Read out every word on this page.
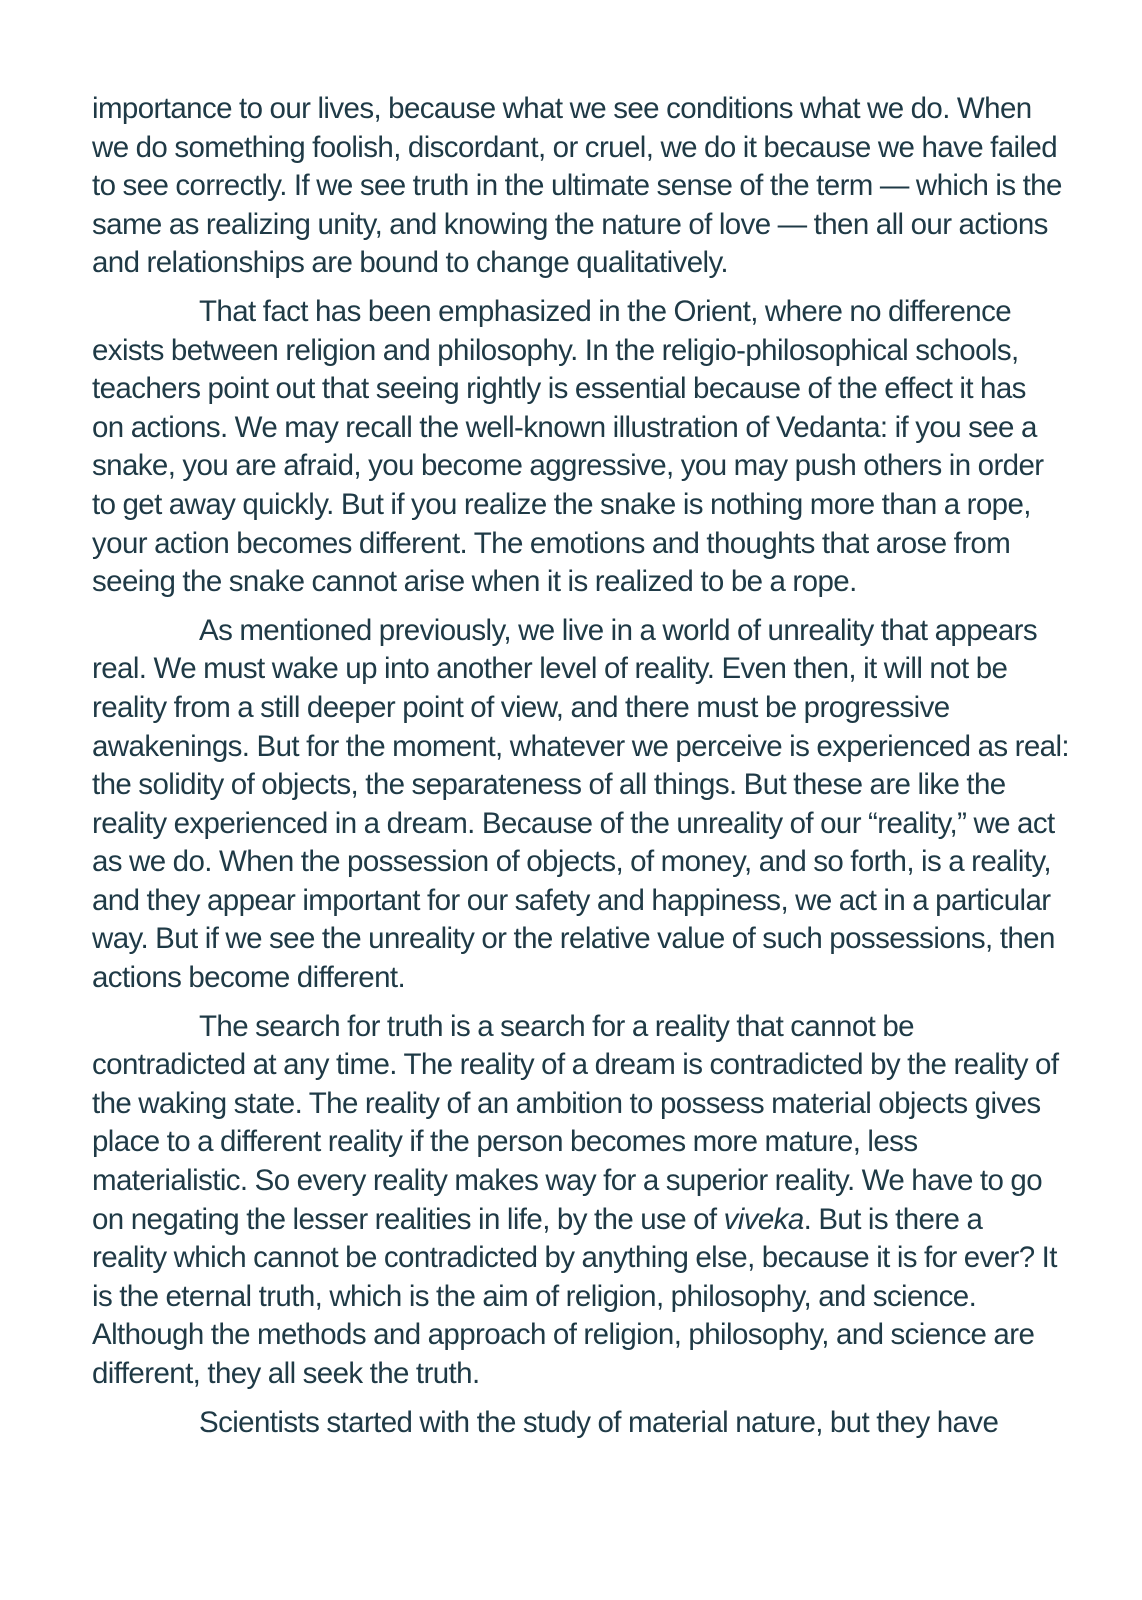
importance to our lives, because what we see conditions what we do. When
we do something foolish, discordant, or cruel, we do it because we have failed
to see correctly. If we see truth in the ultimate sense of the term — which is the
same as realizing unity, and knowing the nature of love — then all our actions
and relationships are bound to change qualitatively.

That fact has been emphasized in the Orient, where no difference
exists between religion and philosophy. In the religio-philosophical schools,
teachers point out that seeing rightly is essential because of the effect it has
on actions. We may recall the well-known illustration of Vedanta: if you see a
snake, you are afraid, you become aggressive, you may push others in order
to get away quickly. But if you realize the snake is nothing more than a rope,
your action becomes different. The emotions and thoughts that arose from
seeing the snake cannot arise when it is realized to be a rope.

As mentioned previously, we live in a world of unreality that appears
real. We must wake up into another level of reality. Even then, it will not be
reality from a still deeper point of view, and there must be progressive
awakenings. But for the moment, whatever we perceive is experienced as real:
the solidity of objects, the separateness of all things. But these are like the
reality experienced in a dream. Because of the unreality of our “reality,” we act
as we do. When the possession of objects, of money, and so forth, is a reality,
and they appear important for our safety and happiness, we act in a particular
way. But if we see the unreality or the relative value of such possessions, then
actions become different.

The search for truth is a search for a reality that cannot be
contradicted at any time. The reality of a dream is contradicted by the reality of
the waking state. The reality of an ambition to possess material objects gives
place to a different reality if the person becomes more mature, less
materialistic. So every reality makes way for a superior reality. We have to go
on negating the lesser realities in life, by the use of viveka. But is there a
reality which cannot be contradicted by anything else, because it is for ever? It
is the eternal truth, which is the aim of religion, philosophy, and science.
Although the methods and approach of religion, philosophy, and science are
different, they all seek the truth.

Scientists started with the study of material nature, but they have
